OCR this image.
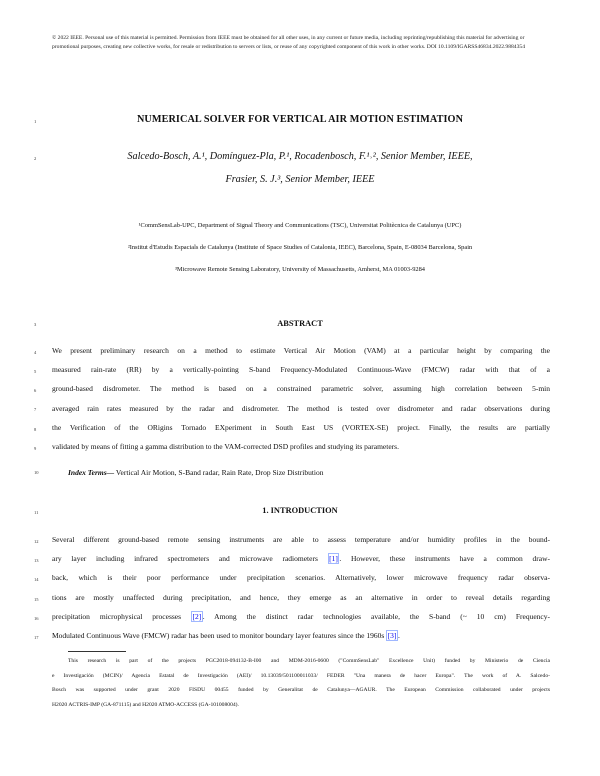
© 2022 IEEE. Personal use of this material is permitted. Permission from IEEE must be obtained for all other uses, in any current or future media, including reprinting/republishing this material for advertising or promotional purposes, creating new collective works, for resale or redistribution to servers or lists, or reuse of any copyrighted component of this work in other works. DOI 10.1109/IGARSS46834.2022.9884354
1
2
3
4
5
6
7
8
9
10
11
12
13
14
15
16
17
NUMERICAL SOLVER FOR VERTICAL AIR MOTION ESTIMATION
Salcedo-Bosch, A.¹, Domínguez-Pla, P.¹, Rocadenbosch, F.¹˒², Senior Member, IEEE,
Frasier, S. J.³, Senior Member, IEEE
¹CommSensLab-UPC, Department of Signal Theory and Communications (TSC), Universitat Politècnica de Catalunya (UPC)
²Institut d'Estudis Espacials de Catalunya (Institute of Space Studies of Catalonia, IEEC), Barcelona, Spain, E-08034 Barcelona, Spain
³Microwave Remote Sensing Laboratory, University of Massachusetts, Amherst, MA 01003-9284
ABSTRACT
We present preliminary research on a method to estimate Vertical Air Motion (VAM) at a particular height by comparing the
measured rain-rate (RR) by a vertically-pointing S-band Frequency-Modulated Continuous-Wave (FMCW) radar with that of a
ground-based disdrometer. The method is based on a constrained parametric solver, assuming high correlation between 5-min
averaged rain rates measured by the radar and disdrometer. The method is tested over disdrometer and radar observations during
the Verification of the ORigins Tornado EXperiment in South East US (VORTEX-SE) project. Finally, the results are partially
validated by means of fitting a gamma distribution to the VAM-corrected DSD profiles and studying its parameters.
Index Terms— Vertical Air Motion, S-Band radar, Rain Rate, Drop Size Distribution
1. INTRODUCTION
Several different ground-based remote sensing instruments are able to assess temperature and/or humidity profiles in the bound-
ary layer including infrared spectrometers and microwave radiometers [1] . However, these instruments have a common draw-
back, which is their poor performance under precipitation scenarios. Alternatively, lower microwave frequency radar observa-
tions are mostly unaffected during precipitation, and hence, they emerge as an alternative in order to reveal details regarding
precipitation microphysical processes [2] . Among the distinct radar technologies available, the S-band (~ 10 cm) Frequency-
Modulated Continuous Wave (FMCW) radar has been used to monitor boundary layer features since the 1960s [3] .
This research is part of the projects PGC2018-094132-B-I00 and MDM-2016-0600 ("CommSensLab" Excellence Unit) funded by Ministerio de Ciencia
e Investigación (MCIN)/ Agencia Estatal de Investigación (AEI)/ 10.13039/501100011033/ FEDER "Una manera de hacer Europa". The work of A. Salcedo-
Bosch was supported under grant 2020 FISDU 00455 funded by Generalitat de Catalunya—AGAUR. The European Commission collaborated under projects
H2020 ACTRIS-IMP (GA-871115) and H2020 ATMO-ACCESS (GA-101008004).
